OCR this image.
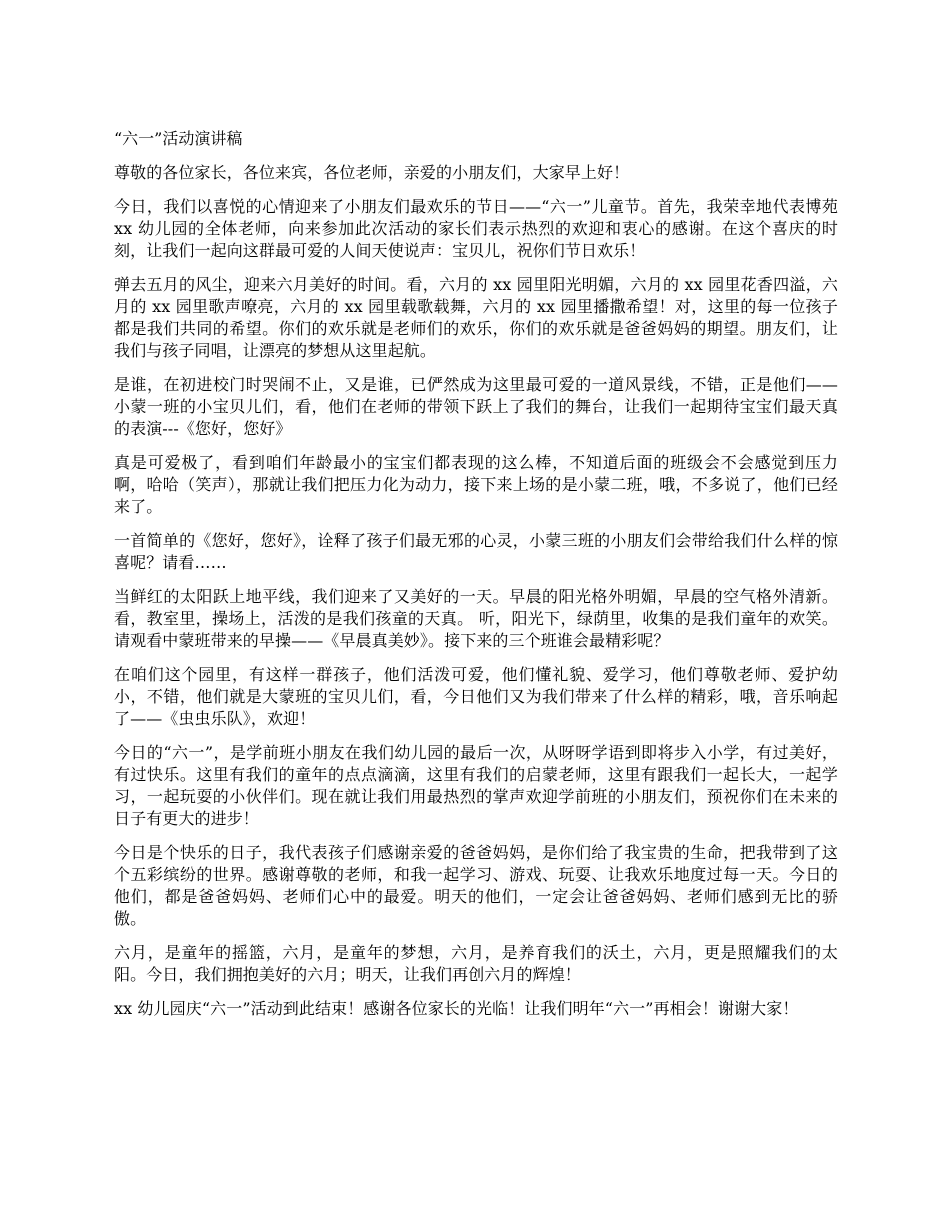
“六一”活动演讲稿

尊敬的各位家长，各位来宾，各位老师，亲爱的小朋友们，大家早上好！

今日，我们以喜悦的心情迎来了小朋友们最欢乐的节日——“六一”儿童节。首先，我荣幸地代表博苑 xx 幼儿园的全体老师，向来参加此次活动的家长们表示热烈的欢迎和衷心的感谢。在这个喜庆的时刻，让我们一起向这群最可爱的人间天使说声：宝贝儿，祝你们节日欢乐！

弹去五月的风尘，迎来六月美好的时间。看，六月的 xx 园里阳光明媚，六月的 xx 园里花香四溢，六月的 xx 园里歌声嘹亮，六月的 xx 园里载歌载舞，六月的 xx 园里播撒希望！对，这里的每一位孩子都是我们共同的希望。你们的欢乐就是老师们的欢乐，你们的欢乐就是爸爸妈妈的期望。朋友们，让我们与孩子同唱，让漂亮的梦想从这里起航。

是谁，在初进校门时哭闹不止，又是谁，已俨然成为这里最可爱的一道风景线，不错，正是他们——小蒙一班的小宝贝儿们，看，他们在老师的带领下跃上了我们的舞台，让我们一起期待宝宝们最天真的表演---《您好，您好》

真是可爱极了，看到咱们年龄最小的宝宝们都表现的这么棒，不知道后面的班级会不会感觉到压力啊，哈哈（笑声），那就让我们把压力化为动力，接下来上场的是小蒙二班，哦，不多说了，他们已经来了。

一首简单的《您好，您好》，诠释了孩子们最无邪的心灵，小蒙三班的小朋友们会带给我们什么样的惊喜呢？请看……

当鲜红的太阳跃上地平线，我们迎来了又美好的一天。早晨的阳光格外明媚，早晨的空气格外清新。看，教室里，操场上，活泼的是我们孩童的天真。 听，阳光下，绿荫里，收集的是我们童年的欢笑。请观看中蒙班带来的早操——《早晨真美妙》。接下来的三个班谁会最精彩呢？

在咱们这个园里，有这样一群孩子，他们活泼可爱，他们懂礼貌、爱学习，他们尊敬老师、爱护幼小，不错，他们就是大蒙班的宝贝儿们，看，今日他们又为我们带来了什么样的精彩，哦，音乐响起了——《虫虫乐队》，欢迎！

今日的“六一”，是学前班小朋友在我们幼儿园的最后一次，从呀呀学语到即将步入小学，有过美好，有过快乐。这里有我们的童年的点点滴滴，这里有我们的启蒙老师，这里有跟我们一起长大，一起学习，一起玩耍的小伙伴们。现在就让我们用最热烈的掌声欢迎学前班的小朋友们，预祝你们在未来的日子有更大的进步！

今日是个快乐的日子，我代表孩子们感谢亲爱的爸爸妈妈，是你们给了我宝贵的生命，把我带到了这个五彩缤纷的世界。感谢尊敬的老师，和我一起学习、游戏、玩耍、让我欢乐地度过每一天。今日的他们，都是爸爸妈妈、老师们心中的最爱。明天的他们，一定会让爸爸妈妈、老师们感到无比的骄傲。

六月，是童年的摇篮，六月，是童年的梦想，六月，是养育我们的沃土，六月，更是照耀我们的太阳。今日，我们拥抱美好的六月；明天，让我们再创六月的辉煌！

xx 幼儿园庆“六一”活动到此结束！感谢各位家长的光临！让我们明年“六一”再相会！谢谢大家！
